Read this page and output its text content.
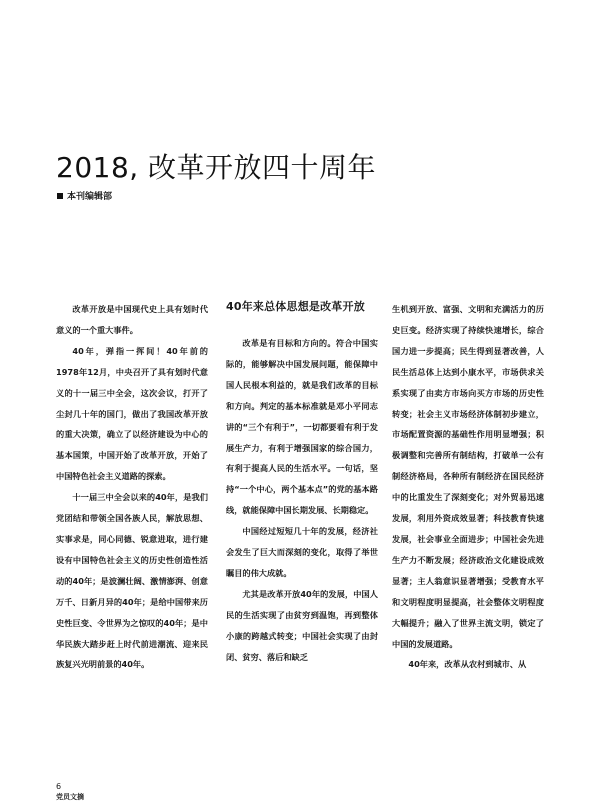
2018, 改革开放四十周年
本刊编辑部

改革开放是中国现代史上具有划时代意义的一个重大事件。

40年，弹指一挥间！40年前的1978年12月，中央召开了具有划时代意义的十一届三中全会，这次会议，打开了尘封几十年的国门，做出了我国改革开放的重大决策，确立了以经济建设为中心的基本国策，中国开始了改革开放，开始了中国特色社会主义道路的探索。

十一届三中全会以来的40年，是我们党团结和带领全国各族人民，解放思想、实事求是，同心同德、锐意进取，进行建设有中国特色社会主义的历史性创造性活动的40年；是波澜壮阔、激情澎湃、创意万千、日新月异的40年；是给中国带来历史性巨变、令世界为之惊叹的40年；是中华民族大踏步赶上时代前进潮流、迎来民族复兴光明前景的40年。

40年来总体思想是改革开放

改革是有目标和方向的。符合中国实际的，能够解决中国发展问题，能保障中国人民根本利益的，就是我们改革的目标和方向。判定的基本标准就是邓小平同志讲的“三个有利于”，一切都要看有利于发展生产力，有利于增强国家的综合国力，有利于提高人民的生活水平。一句话，坚持“一个中心，两个基本点”的党的基本路线，就能保障中国长期发展、长期稳定。

中国经过短短几十年的发展，经济社会发生了巨大而深刻的变化，取得了举世瞩目的伟大成就。

尤其是改革开放40年的发展，中国人民的生活实现了由贫穷到温饱，再到整体小康的跨越式转变；中国社会实现了由封闭、贫穷、落后和缺乏

生机到开放、富强、文明和充满活力的历史巨变。经济实现了持续快速增长，综合国力进一步提高；民生得到显著改善，人民生活总体上达到小康水平，市场供求关系实现了由卖方市场向买方市场的历史性转变；社会主义市场经济体制初步建立，市场配置资源的基础性作用明显增强；积极调整和完善所有制结构，打破单一公有制经济格局，各种所有制经济在国民经济中的比重发生了深刻变化；对外贸易迅速发展，利用外资成效显著；科技教育快速发展，社会事业全面进步；中国社会先进生产力不断发展；经济政治文化建设成效显著；主人翁意识显著增强；受教育水平和文明程度明显提高，社会整体文明程度大幅提升；融入了世界主流文明，锁定了中国的发展道路。

40年来，改革从农村到城市、从

6
党员文摘
